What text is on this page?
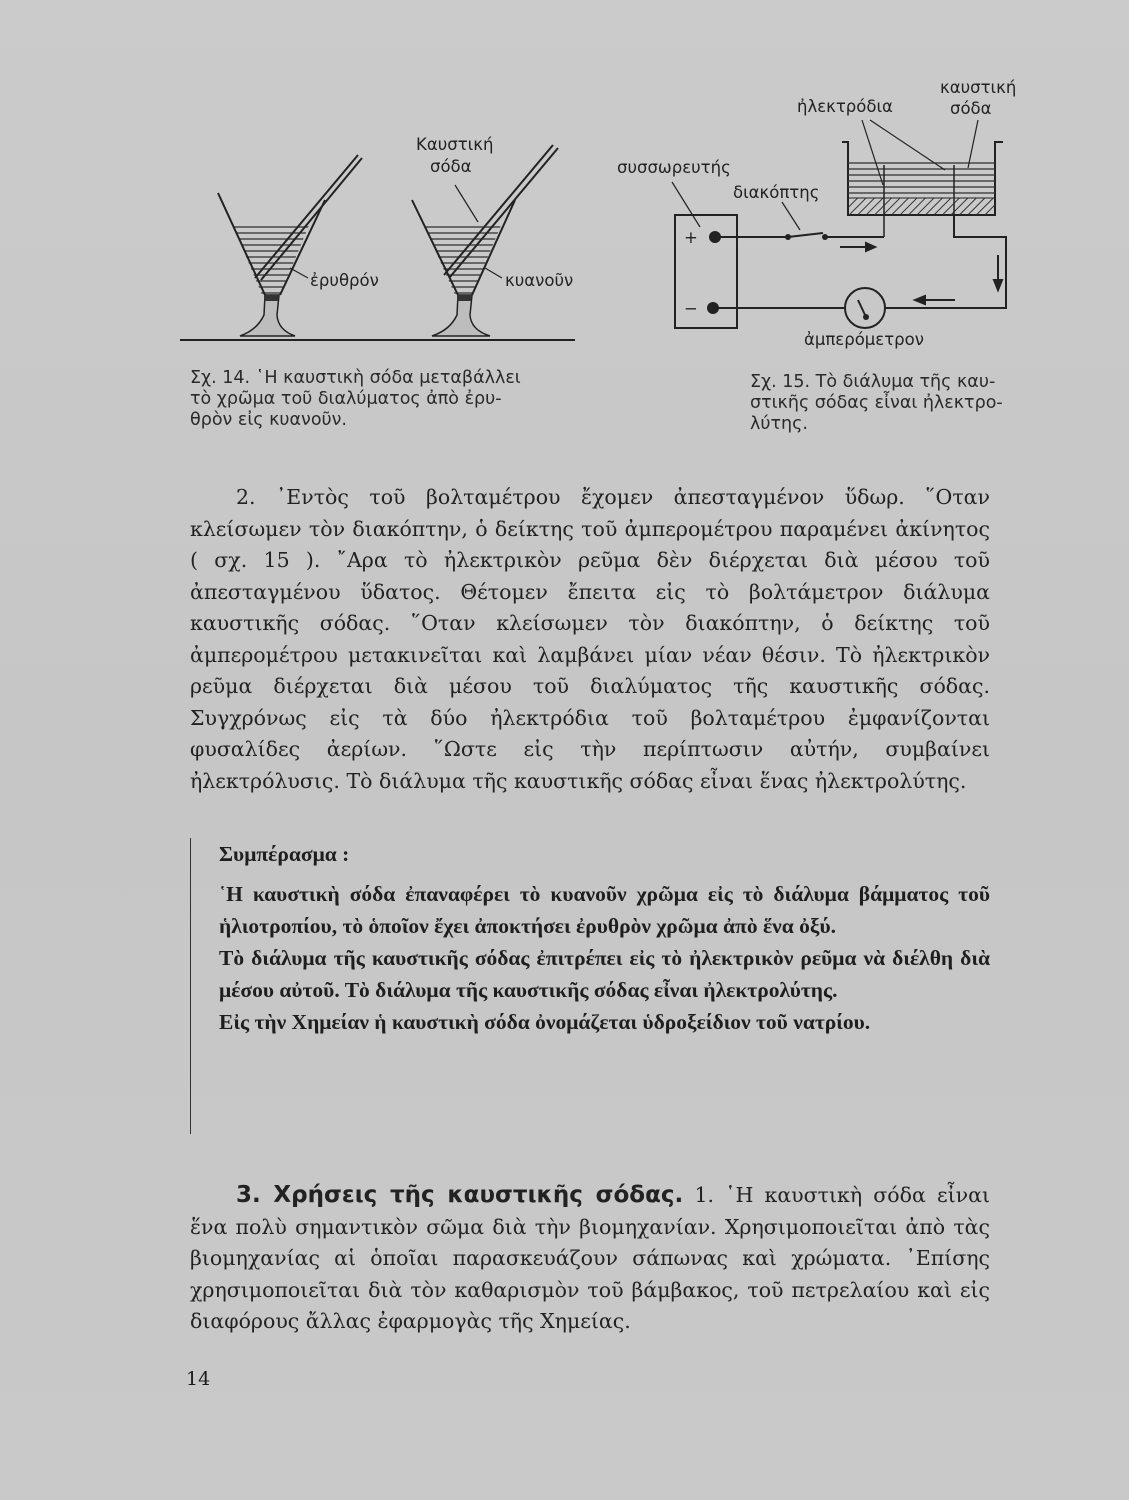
Καυστική
σόδα
ἐρυθρόν	κυανοῦν
Σχ. 14. ῾Η καυστικὴ σόδα μεταβάλλει
τὸ χρῶμα τοῦ διαλύματος ἀπὸ ἐρυ-
θρὸν εἰς κυανοῦν.
καυστική
σόδα
ἠλεκτρόδια
συσσωρευτής
διακόπτης
ἀμπερόμετρον
+
−
Σχ. 15. Τὸ διάλυμα τῆς καυ-
στικῆς σόδας εἶναι ἠλεκτρο-
λύτης.

2. ᾿Εντὸς τοῦ βολταμέτρου ἔχομεν ἀπεσταγμένον ὕδωρ. ῞Οταν κλείσωμεν τὸν διακόπτην, ὁ δείκτης τοῦ ἀμπερομέτρου παραμένει ἀκίνητος ( σχ. 15 ). ῎Αρα τὸ ἠλεκτρικὸν ρεῦμα δὲν διέρχεται διὰ μέσου τοῦ ἀπεσταγμένου ὕδατος. Θέτομεν ἔπειτα εἰς τὸ βολτάμετρον διάλυμα καυστικῆς σόδας. ῞Οταν κλείσωμεν τὸν διακόπτην, ὁ δείκτης τοῦ ἀμπερομέτρου μετακινεῖται καὶ λαμβάνει μίαν νέαν θέσιν. Τὸ ἠλεκτρικὸν ρεῦμα διέρχεται διὰ μέσου τοῦ διαλύματος τῆς καυστικῆς σόδας. Συγχρόνως εἰς τὰ δύο ἠλεκτρόδια τοῦ βολταμέτρου ἐμφανίζονται φυσαλίδες ἀερίων. ῞Ωστε εἰς τὴν περίπτωσιν αὐτήν, συμβαίνει ἠλεκτρόλυσις. Τὸ διάλυμα τῆς καυστικῆς σόδας εἶναι ἕνας ἠλεκτρολύτης.

Συμπέρασμα :

῾Η καυστικὴ σόδα ἐπαναφέρει τὸ κυανοῦν χρῶμα εἰς τὸ διάλυμα βάμματος τοῦ ἡλιοτροπίου, τὸ ὁποῖον ἔχει ἀποκτήσει ἐρυθρὸν χρῶμα ἀπὸ ἕνα ὀξύ.

Τὸ διάλυμα τῆς καυστικῆς σόδας ἐπιτρέπει εἰς τὸ ἠλεκτρικὸν ρεῦμα νὰ διέλθη διὰ μέσου αὐτοῦ. Τὸ διάλυμα τῆς καυστικῆς σόδας εἶναι ἠλεκτρολύτης.

Εἰς τὴν Χημείαν ἡ καυστικὴ σόδα ὀνομάζεται ὑδροξείδιον τοῦ νατρίου.

3. Χρήσεις τῆς καυστικῆς σόδας. 1. ῾Η καυστικὴ σόδα εἶναι ἕνα πολὺ σημαντικὸν σῶμα διὰ τὴν βιομηχανίαν. Χρησιμοποιεῖται ἀπὸ τὰς βιομηχανίας αἱ ὁποῖαι παρασκευάζουν σάπωνας καὶ χρώματα. ᾿Επίσης χρησιμοποιεῖται διὰ τὸν καθαρισμὸν τοῦ βάμβακος, τοῦ πετρελαίου καὶ εἰς διαφόρους ἄλλας ἐφαρμογὰς τῆς Χημείας.
14
